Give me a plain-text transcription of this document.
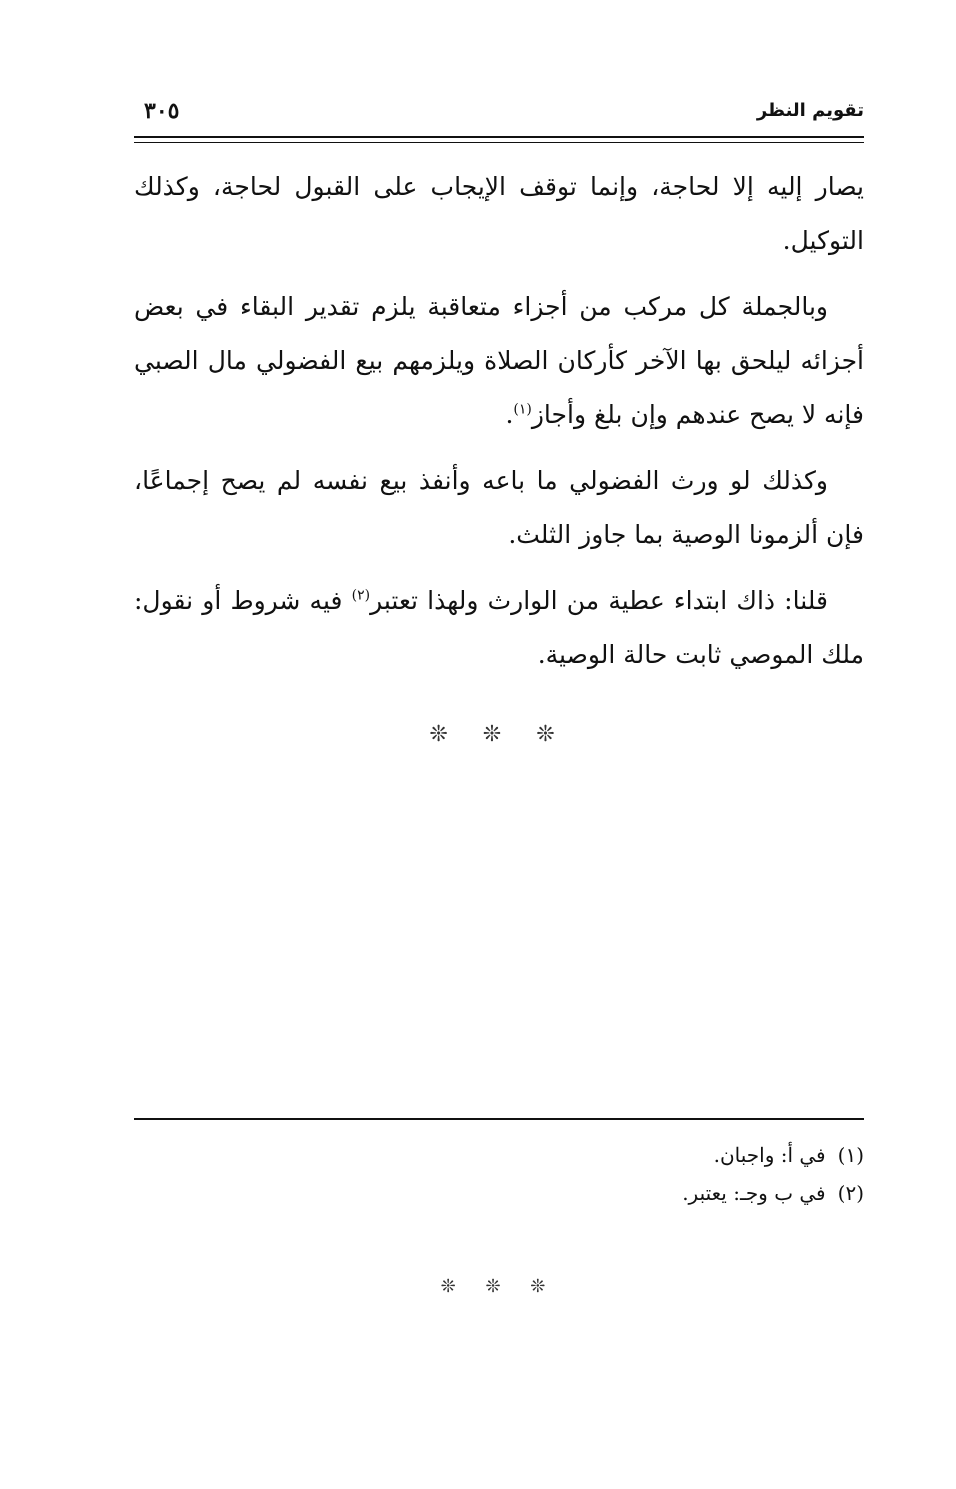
تقويم النظر
٣٠٥

يصار إليه إلا لحاجة، وإنما توقف الإيجاب على القبول لحاجة، وكذلك التوكيل.

وبالجملة كل مركب من أجزاء متعاقبة يلزم تقدير البقاء في بعض أجزائه ليلحق بها الآخر كأركان الصلاة ويلزمهم بيع الفضولي مال الصبي فإنه لا يصح عندهم وإن بلغ وأجاز$^{(١)}$.

وكذلك لو ورث الفضولي ما باعه وأنفذ بيع نفسه لم يصح إجماعًا، فإن ألزمونا الوصية بما جاوز الثلث.

قلنا: ذاك ابتداء عطية من الوارث ولهذا تعتبر$^{(٢)}$ فيه شروط أو نقول: ملك الموصي ثابت حالة الوصية.

❊ ❊ ❊

(١)في أ: واجبان.

(٢)في ب وجـ: يعتبر.

❊ ❊ ❊
